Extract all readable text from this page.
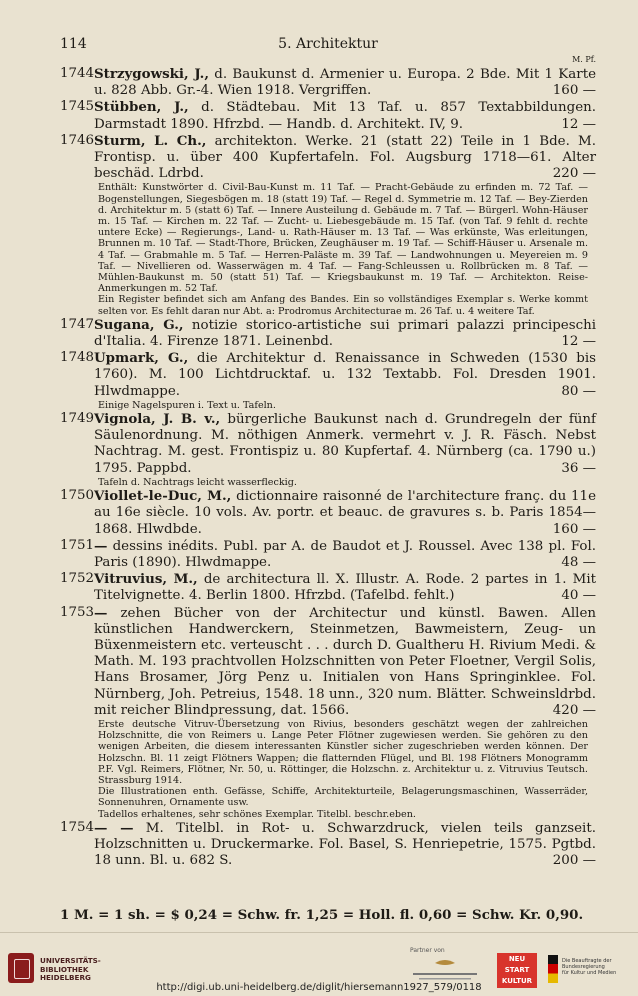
114	5. Architektur
M. Pf.
1744 Strzygowski, J., d. Baukunst d. Armenier u. Europa. 2 Bde. Mit 1 Karte u. 828 Abb. Gr.-4. Wien 1918. Vergriffen.	160 —
1745 Stübben, J., d. Städtebau. Mit 13 Taf. u. 857 Textabbildungen. Darmstadt 1890. Hfrzbd. — Handb. d. Architekt. IV, 9.	12 —
1746 Sturm, L. Ch., architekton. Werke. 21 (statt 22) Teile in 1 Bde. M. Frontisp. u. über 400 Kupfertafeln. Fol. Augsburg 1718—61. Alter beschäd. Ldrbd.	220 —
Enthält: Kunstwörter d. Civil-Bau-Kunst m. 11 Taf. — Pracht-Gebäude zu erfinden m. 72 Taf. — Bogenstellungen, Siegesbögen m. 18 (statt 19) Taf. — Regel d. Symmetrie m. 12 Taf. — Bey-Zierden d. Architektur m. 5 (statt 6) Taf. — Innere Austeilung d. Gebäude m. 7 Taf. — Bürgerl. Wohn-Häuser m. 15 Taf. — Kirchen m. 22 Taf. — Zucht- u. Liebesgebäude m. 15 Taf. (von Taf. 9 fehlt d. rechte untere Ecke) — Regierungs-, Land- u. Rath-Häuser m. 13 Taf. — Was erkünste, Was erleitungen, Brunnen m. 10 Taf. — Stadt-Thore, Brücken, Zeughäuser m. 19 Taf. — Schiff-Häuser u. Arsenale m. 4 Taf. — Grabmahle m. 5 Taf. — Herren-Paläste m. 39 Taf. — Landwohnungen u. Meyereien m. 9 Taf. — Nivellieren od. Wasserwägen m. 4 Taf. — Fang-Schleussen u. Rollbrücken m. 8 Taf. — Mühlen-Baukunst m. 50 (statt 51) Taf. — Kriegsbaukunst m. 19 Taf. — Architekton. Reise-Anmerkungen m. 52 Taf.
Ein Register befindet sich am Anfang des Bandes. Ein so vollständiges Exemplar s. Werke kommt selten vor. Es fehlt daran nur Abt. a: Prodromus Architecturae m. 26 Taf. u. 4 weitere Taf.
1747 Sugana, G., notizie storico-artistiche sui primari palazzi principeschi d'Italia. 4. Firenze 1871. Leinenbd.	12 —
1748 Upmark, G., die Architektur d. Renaissance in Schweden (1530 bis 1760). M. 100 Lichtdrucktaf. u. 132 Textabb. Fol. Dresden 1901. Hlwdmappe.	80 —
Einige Nagelspuren i. Text u. Tafeln.
1749 Vignola, J. B. v., bürgerliche Baukunst nach d. Grundregeln der fünf Säulenordnung. M. nöthigen Anmerk. vermehrt v. J. R. Fäsch. Nebst Nachtrag. M. gest. Frontispiz u. 80 Kupfertaf. 4. Nürnberg (ca. 1790 u.) 1795. Pappbd.	36 —
Tafeln d. Nachtrags leicht wasserfleckig.
1750 Viollet-le-Duc, M., dictionnaire raisonné de l'architecture franç. du 11e au 16e siècle. 10 vols. Av. portr. et beauc. de gravures s. b. Paris 1854—1868. Hlwdbde.	160 —
1751 — dessins inédits. Publ. par A. de Baudot et J. Roussel. Avec 138 pl. Fol. Paris (1890). Hlwdmappe.	48 —
1752 Vitruvius, M., de architectura ll. X. Illustr. A. Rode. 2 partes in 1. Mit Titelvignette. 4. Berlin 1800. Hfrzbd. (Tafelbd. fehlt.)	40 —
1753 — zehen Bücher von der Architectur und künstl. Bawen. Allen künstlichen Handwerckern, Steinmetzen, Bawmeistern, Zeug- un Büxenmeistern etc. verteuscht . . . durch D. Gualtheru H. Rivium Medi. & Math. M. 193 prachtvollen Holzschnitten von Peter Floetner, Vergil Solis, Hans Brosamer, Jörg Penz u. Initialen von Hans Springinklee. Fol. Nürnberg, Joh. Petreius, 1548. 18 unn., 320 num. Blätter. Schweinsldrbd. mit reicher Blindpressung, dat. 1566.	420 —
Erste deutsche Vitruv-Übersetzung von Rivius, besonders geschätzt wegen der zahlreichen Holzschnitte, die von Reimers u. Lange Peter Flötner zugewiesen werden. Sie gehören zu den wenigen Arbeiten, die diesem interessanten Künstler sicher zugeschrieben werden können. Der Holzschn. Bl. 11 zeigt Flötners Wappen; die flatternden Flügel, und Bl. 198 Flötners Monogramm P.F. Vgl. Reimers, Flötner, Nr. 50, u. Röttinger, die Holzschn. z. Architektur u. z. Vitruvius Teutsch. Strassburg 1914.
Die Illustrationen enth. Gefässe, Schiffe, Architekturteile, Belagerungsmaschinen, Wasserräder, Sonnenuhren, Ornamente usw.
Tadellos erhaltenes, sehr schönes Exemplar. Titelbl. beschr.eben.
1754 — — M. Titelbl. in Rot- u. Schwarzdruck, vielen teils ganzseit. Holzschnitten u. Druckermarke. Fol. Basel, S. Henriepetrie, 1575. Pgtbd. 18 unn. Bl. u. 682 S.	200 —
1 M. = 1 sh. = $ 0,24 = Schw. fr. 1,25 = Holl. fl. 0,60 = Schw. Kr. 0,90.
UNIVERSITÄTS-
BIBLIOTHEK
HEIDELBERG
Partner von
NEU
START
KULTUR
Die Beauftragte der Bundesregierung
für Kultur und Medien
http://digi.ub.uni-heidelberg.de/diglit/hiersemann1927_579/0118
